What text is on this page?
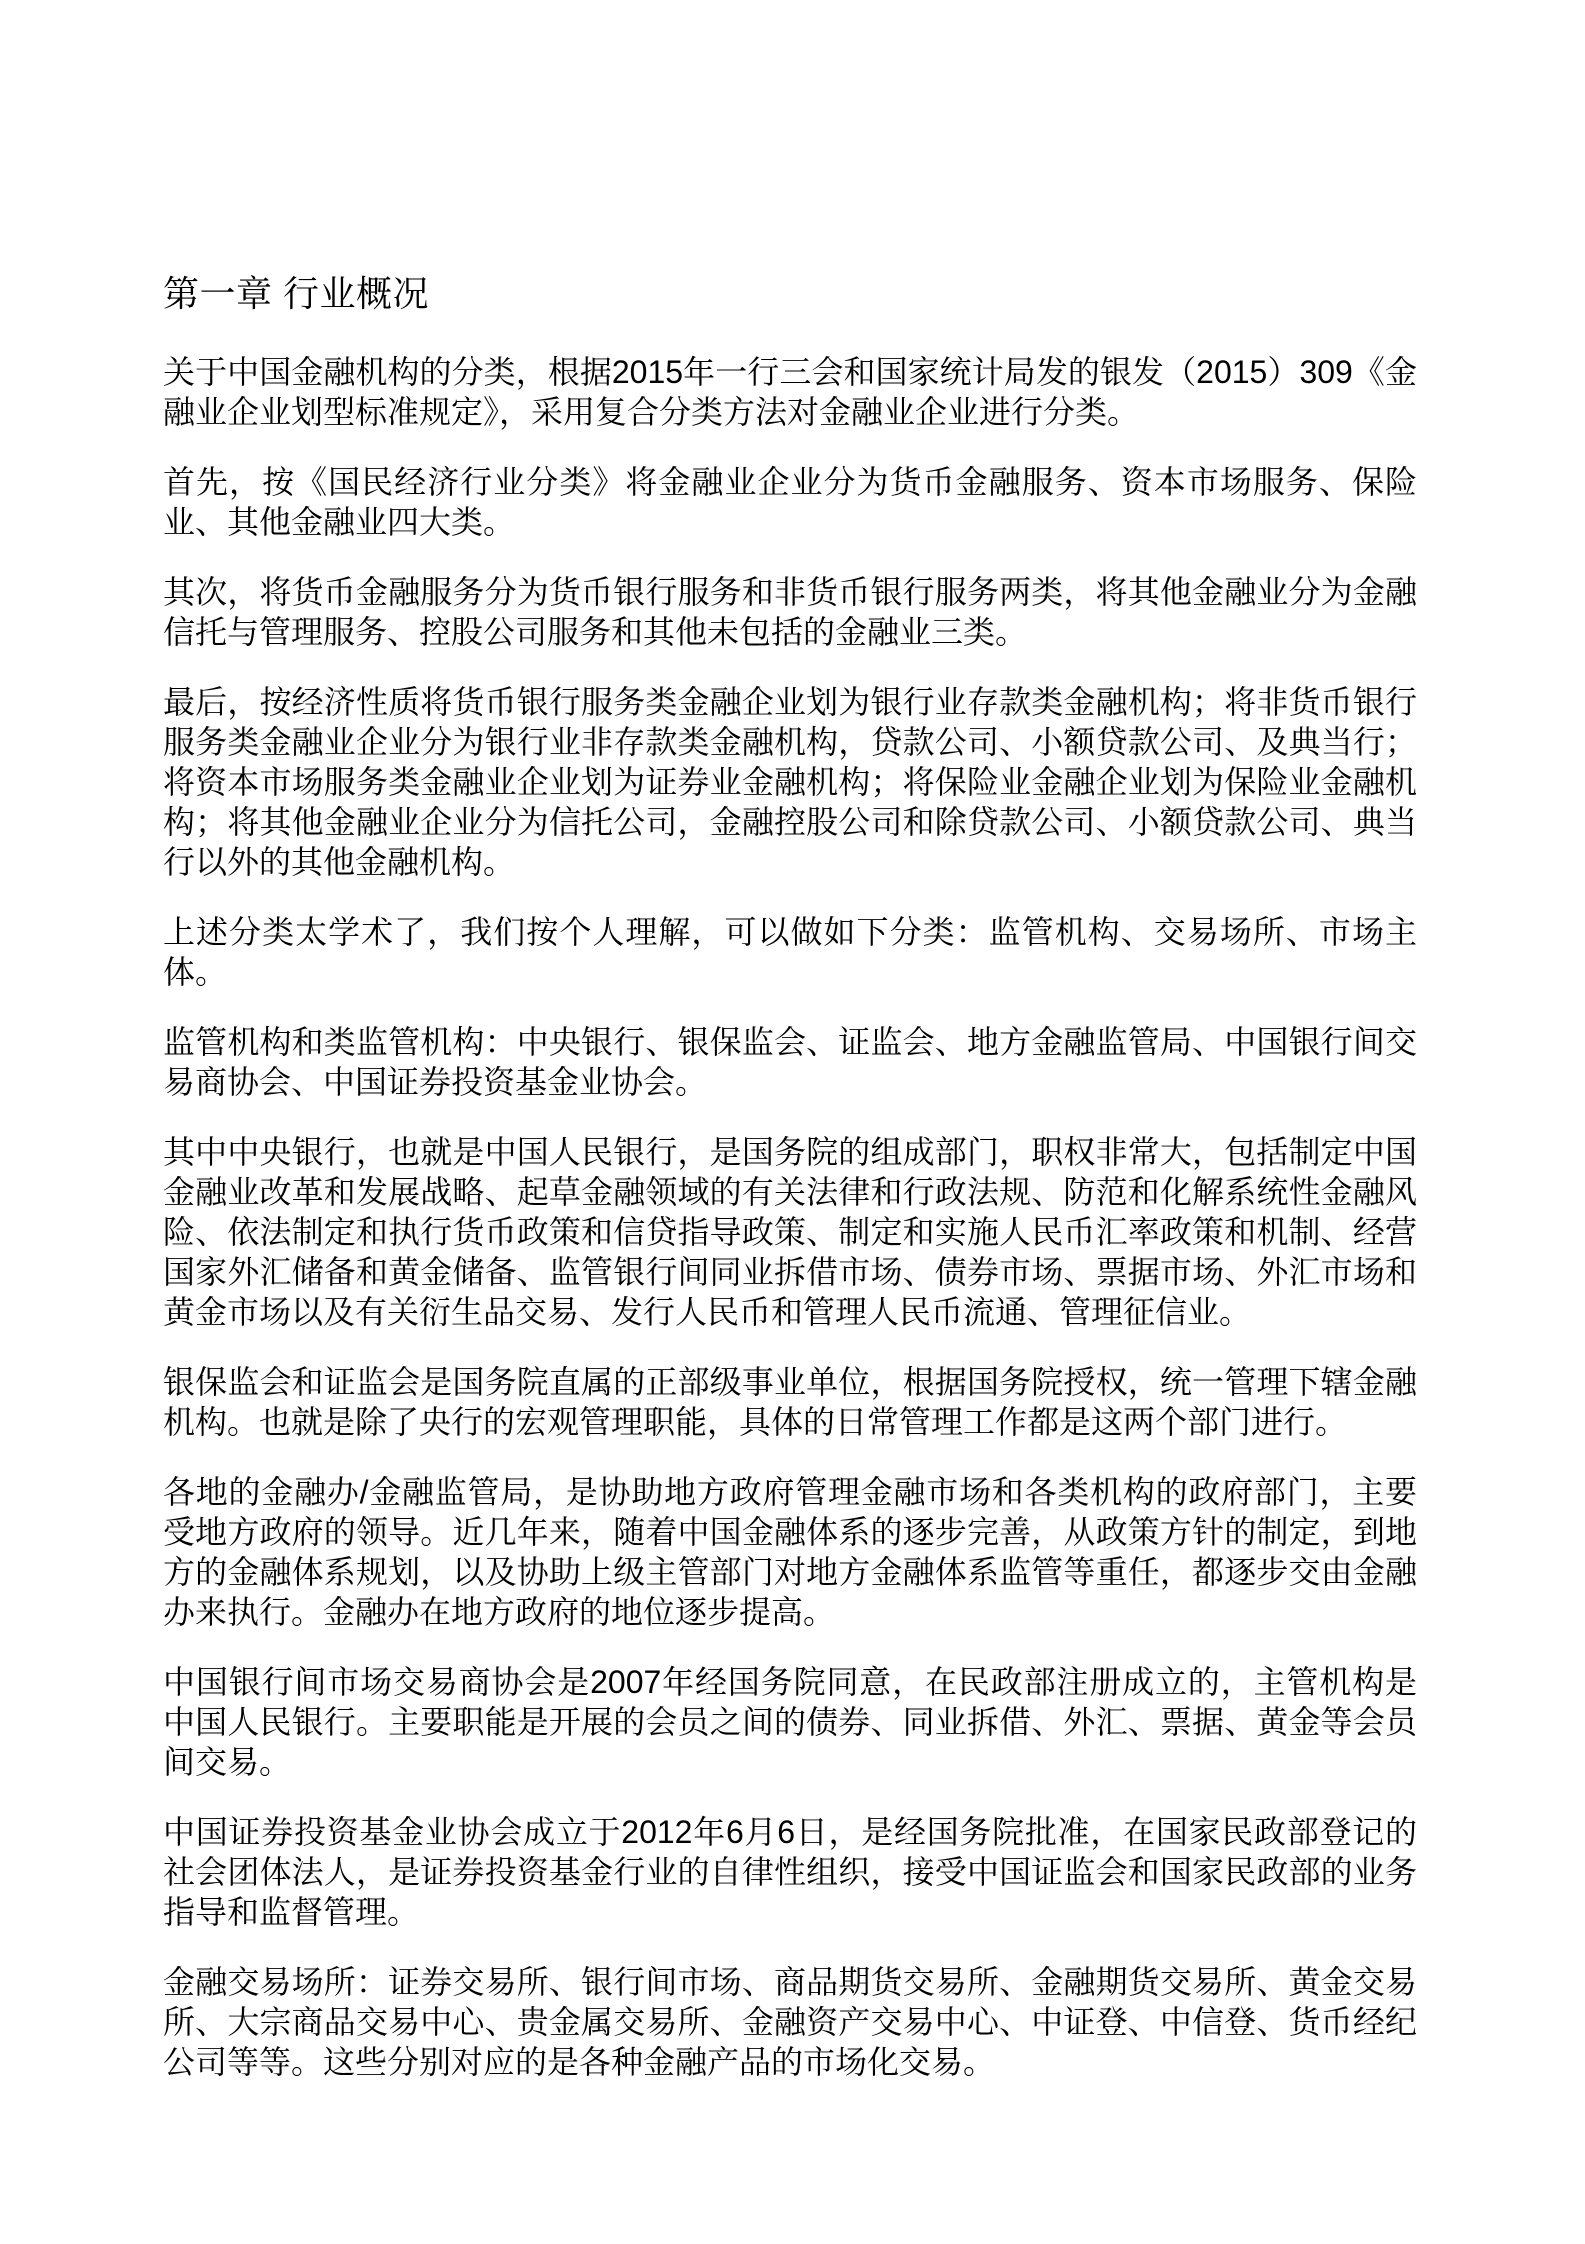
第一章 行业概况

关于中国金融机构的分类，根据2015年一行三会和国家统计局发的银发（2015）309《金融业企业划型标准规定》，采用复合分类方法对金融业企业进行分类。

首先，按《国民经济行业分类》将金融业企业分为货币金融服务、资本市场服务、保险业、其他金融业四大类。

其次，将货币金融服务分为货币银行服务和非货币银行服务两类，将其他金融业分为金融信托与管理服务、控股公司服务和其他未包括的金融业三类。

最后，按经济性质将货币银行服务类金融企业划为银行业存款类金融机构；将非货币银行服务类金融业企业分为银行业非存款类金融机构，贷款公司、小额贷款公司、及典当行；将资本市场服务类金融业企业划为证券业金融机构；将保险业金融企业划为保险业金融机构；将其他金融业企业分为信托公司，金融控股公司和除贷款公司、小额贷款公司、典当行以外的其他金融机构。

上述分类太学术了，我们按个人理解，可以做如下分类：监管机构、交易场所、市场主体。

监管机构和类监管机构：中央银行、银保监会、证监会、地方金融监管局、中国银行间交易商协会、中国证券投资基金业协会。

其中中央银行，也就是中国人民银行，是国务院的组成部门，职权非常大，包括制定中国金融业改革和发展战略、起草金融领域的有关法律和行政法规、防范和化解系统性金融风险、依法制定和执行货币政策和信贷指导政策、制定和实施人民币汇率政策和机制、经营国家外汇储备和黄金储备、监管银行间同业拆借市场、债券市场、票据市场、外汇市场和黄金市场以及有关衍生品交易、发行人民币和管理人民币流通、管理征信业。

银保监会和证监会是国务院直属的正部级事业单位，根据国务院授权，统一管理下辖金融机构。也就是除了央行的宏观管理职能，具体的日常管理工作都是这两个部门进行。

各地的金融办/金融监管局，是协助地方政府管理金融市场和各类机构的政府部门，主要受地方政府的领导。近几年来，随着中国金融体系的逐步完善，从政策方针的制定，到地方的金融体系规划，以及协助上级主管部门对地方金融体系监管等重任，都逐步交由金融办来执行。金融办在地方政府的地位逐步提高。

中国银行间市场交易商协会是2007年经国务院同意，在民政部注册成立的，主管机构是中国人民银行。主要职能是开展的会员之间的债券、同业拆借、外汇、票据、黄金等会员间交易。

中国证券投资基金业协会成立于2012年6月6日，是经国务院批准，在国家民政部登记的社会团体法人，是证券投资基金行业的自律性组织，接受中国证监会和国家民政部的业务指导和监督管理。

金融交易场所：证券交易所、银行间市场、商品期货交易所、金融期货交易所、黄金交易所、大宗商品交易中心、贵金属交易所、金融资产交易中心、中证登、中信登、货币经纪公司等等。这些分别对应的是各种金融产品的市场化交易。
